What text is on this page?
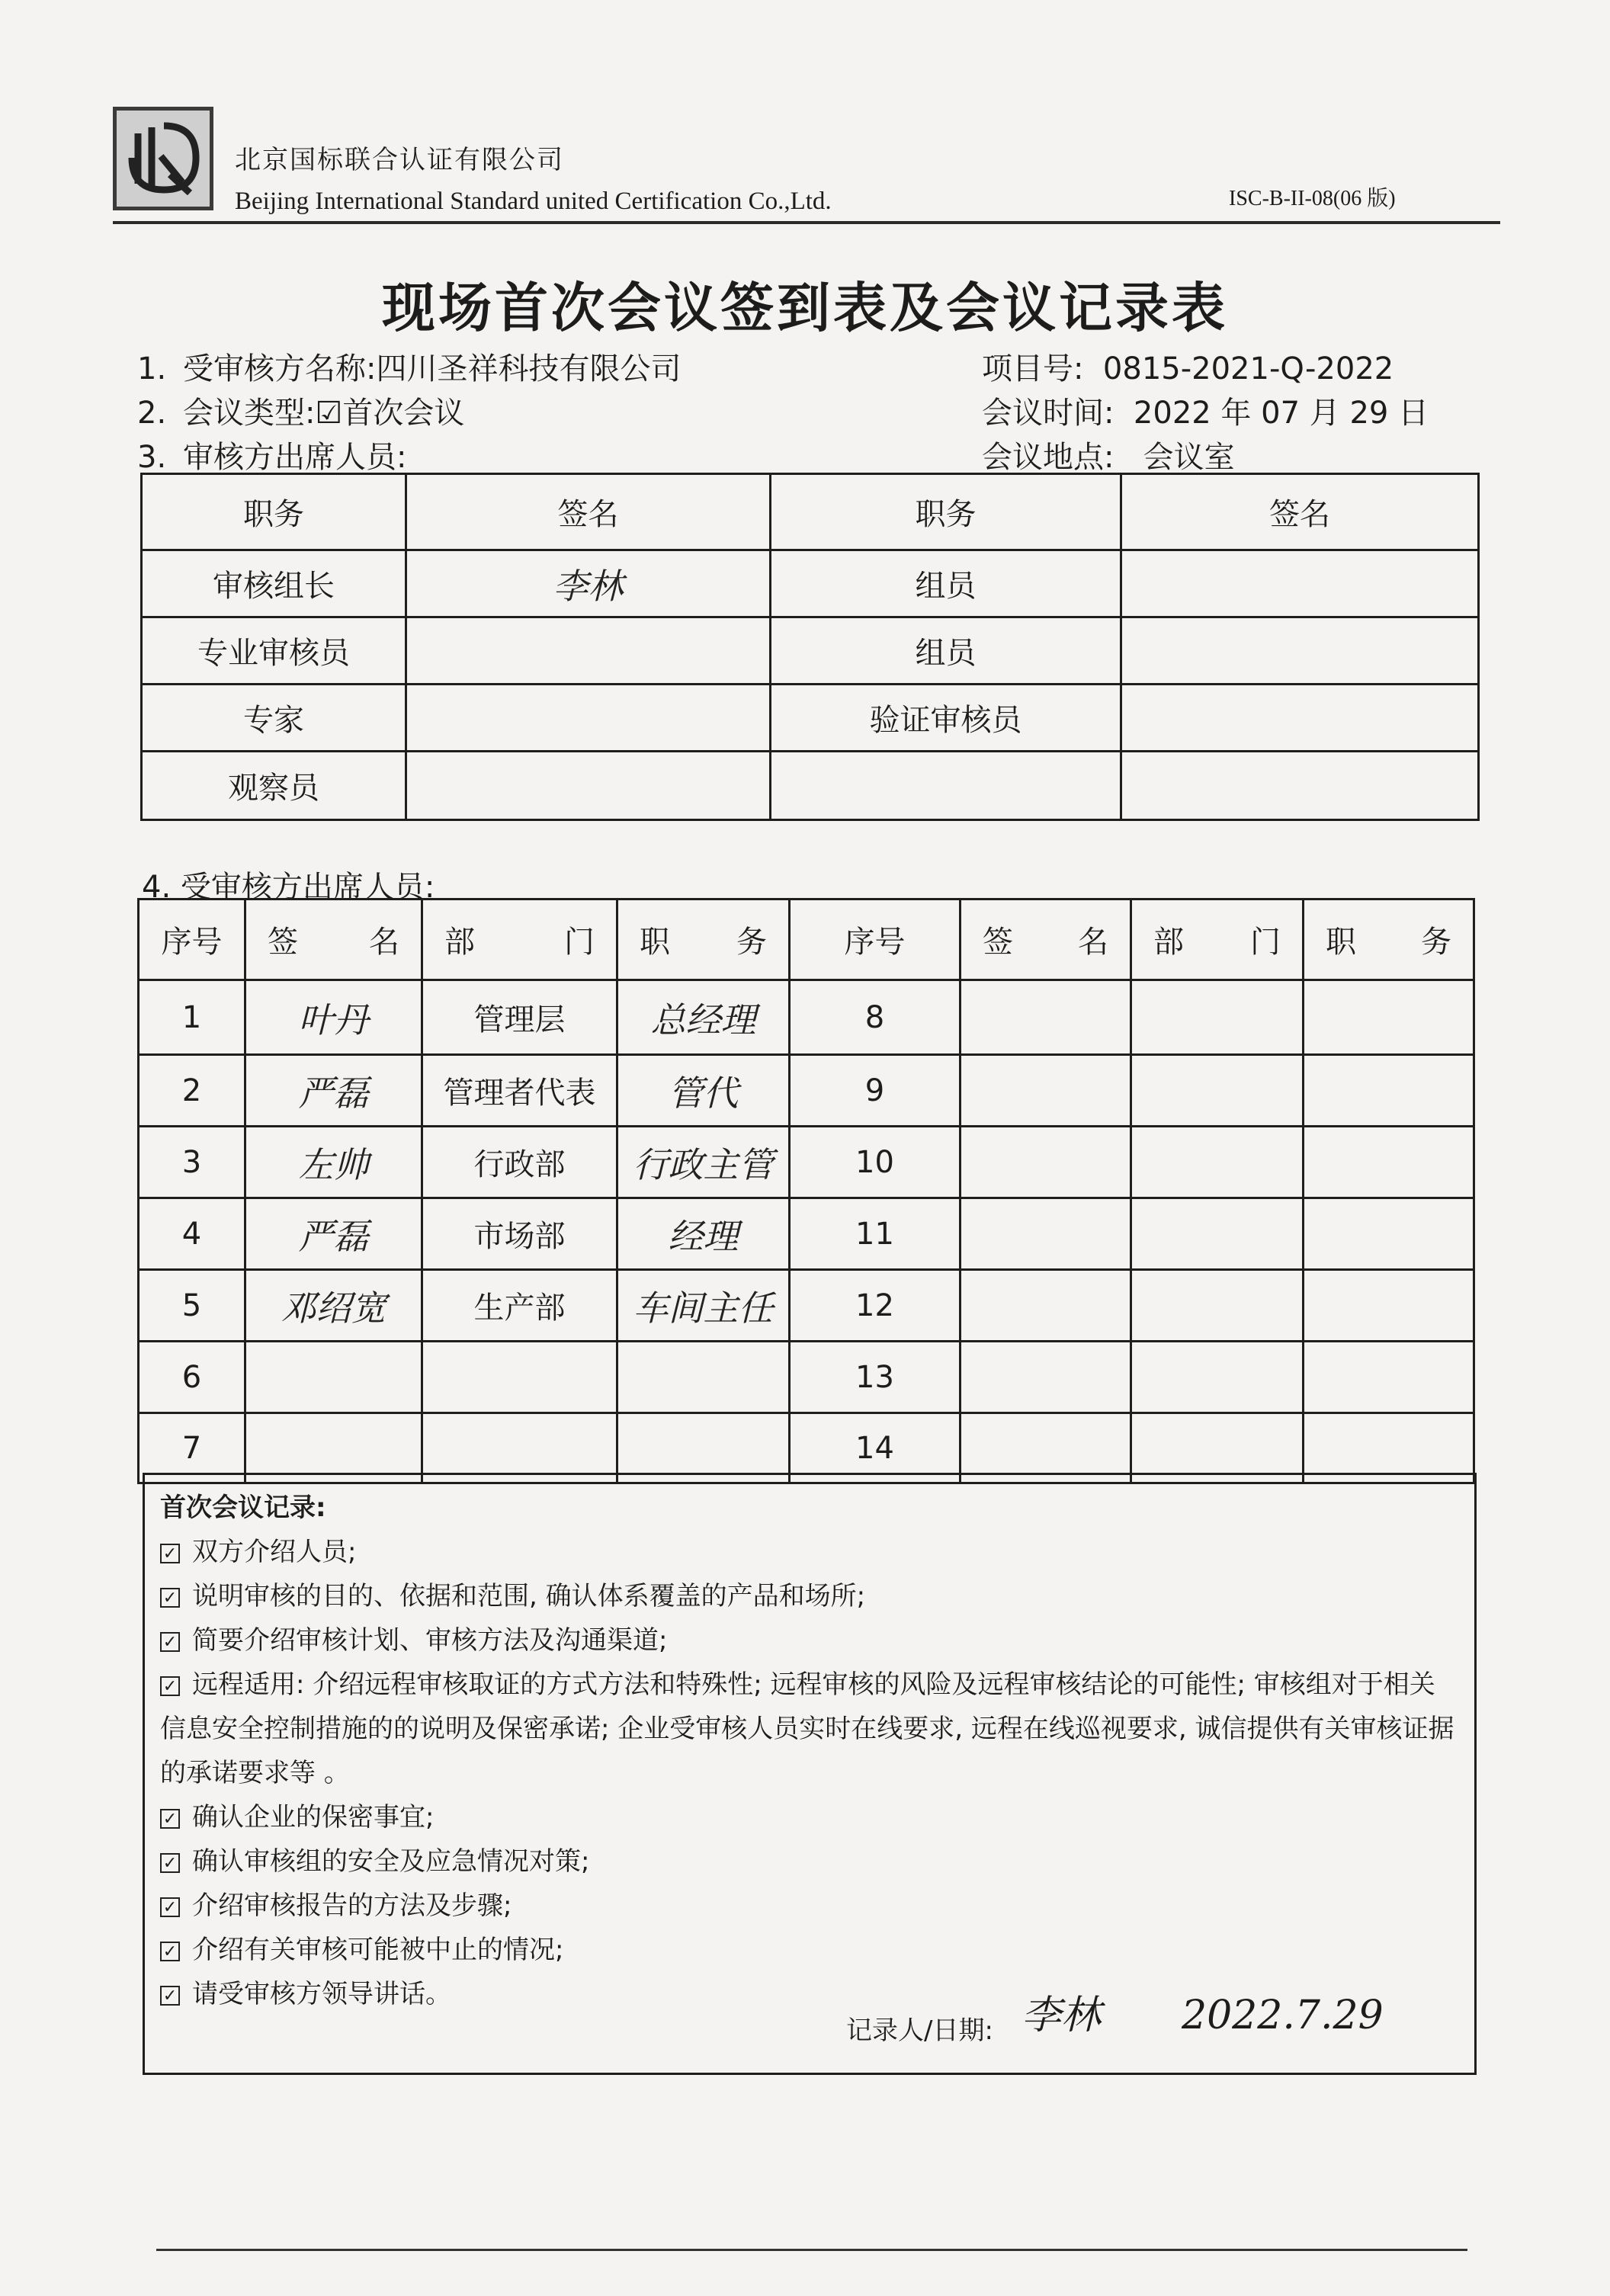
北京国标联合认证有限公司
Beijing International Standard united Certification Co.,Ltd.	ISC-B-II-08(06 版)
现场首次会议签到表及会议记录表
1. 受审核方名称:四川圣祥科技有限公司
2. 会议类型:☑首次会议
3. 审核方出席人员:
项目号: 0815-2021-Q-2022
会议时间: 2022 年 07 月 29 日
会议地点: 会议室
职务	签名	职务	签名
审核组长	李林	组员	
专业审核员		组员	
专家		验证审核员	
观察员			
4. 受审核方出席人员:
序号	签 名	部 门	职 务	序号	签 名	部 门	职 务

1	叶丹	管理层	总经理	8			
2	严磊	管理者代表	管代	9			
3	左帅	行政部	行政主管	10			
4	严磊	市场部	经理	11			
5	邓绍宽	生产部	车间主任	12			
6				13			
7				14			
首次会议记录:
✓ 双方介绍人员;
✓ 说明审核的目的、依据和范围, 确认体系覆盖的产品和场所;
✓ 简要介绍审核计划、审核方法及沟通渠道;
✓ 远程适用: 介绍远程审核取证的方式方法和特殊性; 远程审核的风险及远程审核结论的可能性; 审核组对于相关信息安全控制措施的的说明及保密承诺; 企业受审核人员实时在线要求, 远程在线巡视要求, 诚信提供有关审核证据的承诺要求等 。
✓ 确认企业的保密事宜;
✓ 确认审核组的安全及应急情况对策;
✓ 介绍审核报告的方法及步骤;
✓ 介绍有关审核可能被中止的情况;
✓ 请受审核方领导讲话。
记录人/日期: 李林 2022.7.29
